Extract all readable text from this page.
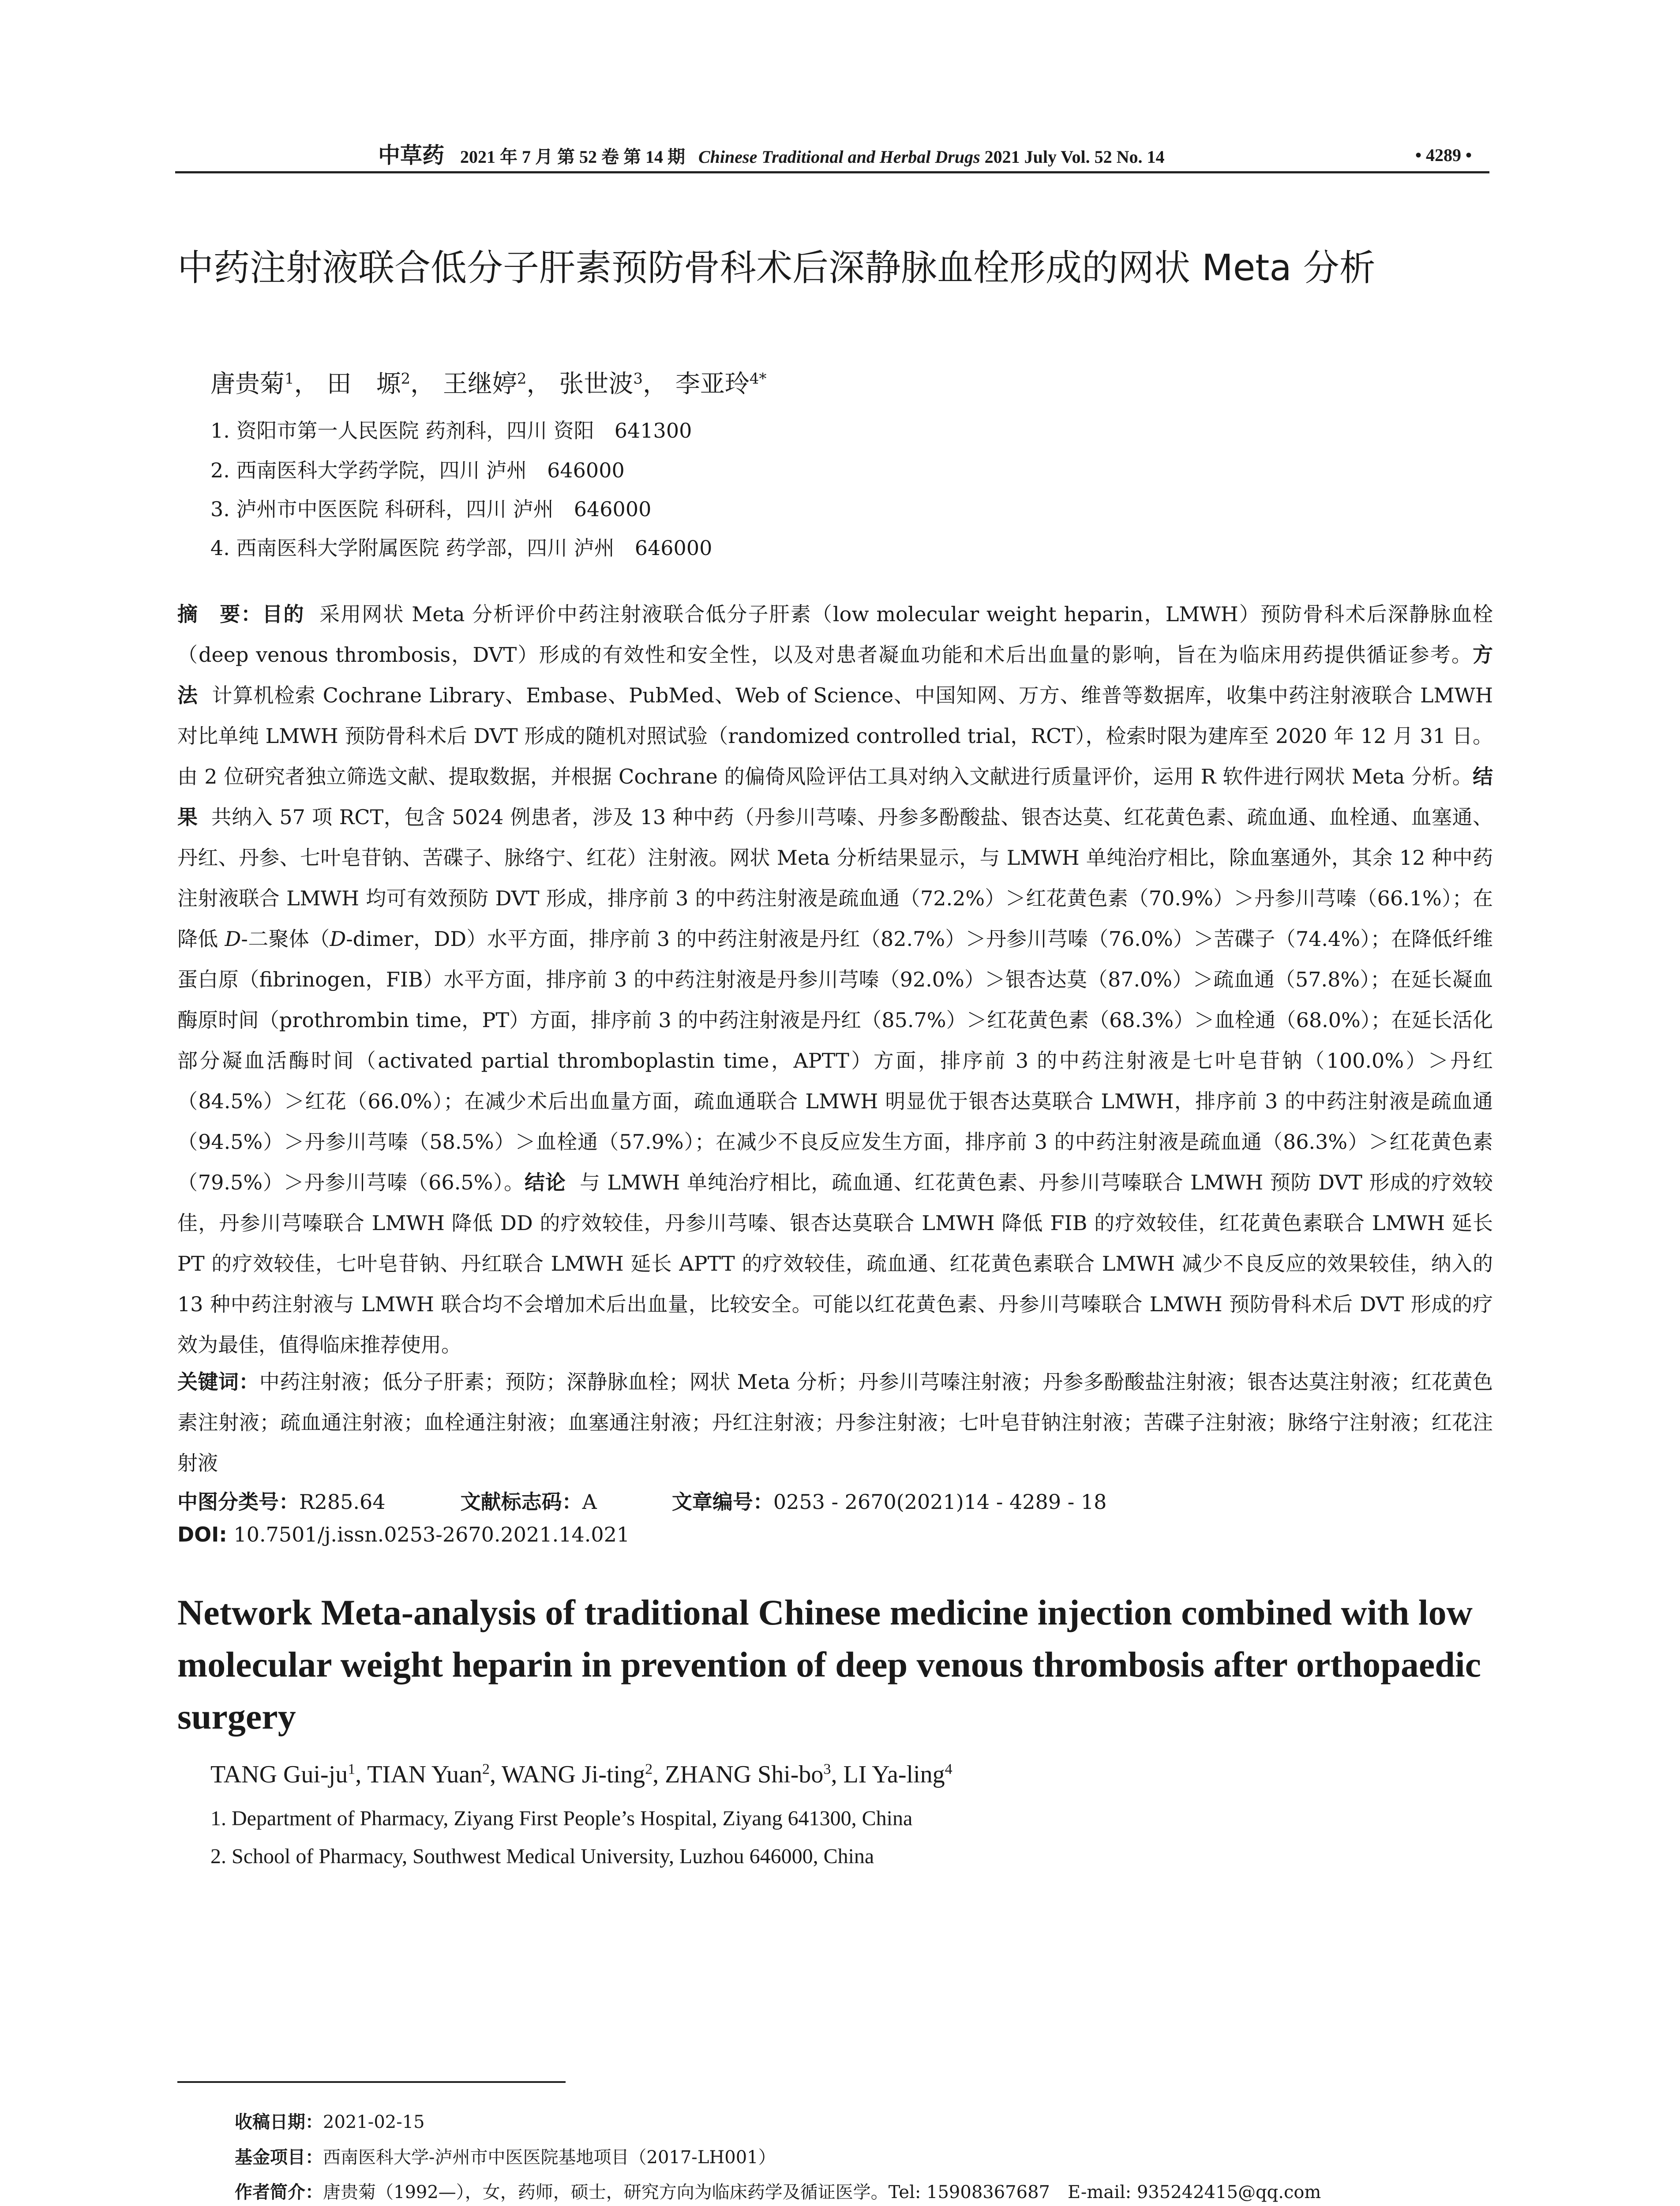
中草药 2021 年 7 月 第 52 卷 第 14 期 Chinese Traditional and Herbal Drugs 2021 July Vol. 52 No. 14	• 4289 •
中药注射液联合低分子肝素预防骨科术后深静脉血栓形成的网状 Meta 分析
唐贵菊$^1$， 田　塬$^2$， 王继婷$^2$， 张世波$^3$， 李亚玲$^{4*}$
1. 资阳市第一人民医院 药剂科，四川 资阳　641300
2. 西南医科大学药学院，四川 泸州　646000
3. 泸州市中医医院 科研科，四川 泸州　646000
4. 西南医科大学附属医院 药学部，四川 泸州　646000
摘　要：目的 采用网状 Meta 分析评价中药注射液联合低分子肝素（low molecular weight heparin，LMWH）预防骨科术后深静脉血栓（deep venous thrombosis，DVT）形成的有效性和安全性，以及对患者凝血功能和术后出血量的影响，旨在为临床用药提供循证参考。方法 计算机检索 Cochrane Library、Embase、PubMed、Web of Science、中国知网、万方、维普等数据库，收集中药注射液联合 LMWH 对比单纯 LMWH 预防骨科术后 DVT 形成的随机对照试验（randomized controlled trial，RCT），检索时限为建库至 2020 年 12 月 31 日。由 2 位研究者独立筛选文献、提取数据，并根据 Cochrane 的偏倚风险评估工具对纳入文献进行质量评价，运用 R 软件进行网状 Meta 分析。结果 共纳入 57 项 RCT，包含 5024 例患者，涉及 13 种中药（丹参川芎嗪、丹参多酚酸盐、银杏达莫、红花黄色素、疏血通、血栓通、血塞通、丹红、丹参、七叶皂苷钠、苦碟子、脉络宁、红花）注射液。网状 Meta 分析结果显示，与 LMWH 单纯治疗相比，除血塞通外，其余 12 种中药注射液联合 LMWH 均可有效预防 DVT 形成，排序前 3 的中药注射液是疏血通（72.2%）＞红花黄色素（70.9%）＞丹参川芎嗪（66.1%）；在降低 D-二聚体（D-dimer，DD）水平方面，排序前 3 的中药注射液是丹红（82.7%）＞丹参川芎嗪（76.0%）＞苦碟子（74.4%）；在降低纤维蛋白原（fibrinogen，FIB）水平方面，排序前 3 的中药注射液是丹参川芎嗪（92.0%）＞银杏达莫（87.0%）＞疏血通（57.8%）；在延长凝血酶原时间（prothrombin time，PT）方面，排序前 3 的中药注射液是丹红（85.7%）＞红花黄色素（68.3%）＞血栓通（68.0%）；在延长活化部分凝血活酶时间（activated partial thromboplastin time，APTT）方面，排序前 3 的中药注射液是七叶皂苷钠（100.0%）＞丹红（84.5%）＞红花（66.0%）；在减少术后出血量方面，疏血通联合 LMWH 明显优于银杏达莫联合 LMWH，排序前 3 的中药注射液是疏血通（94.5%）＞丹参川芎嗪（58.5%）＞血栓通（57.9%）；在减少不良反应发生方面，排序前 3 的中药注射液是疏血通（86.3%）＞红花黄色素（79.5%）＞丹参川芎嗪（66.5%）。结论 与 LMWH 单纯治疗相比，疏血通、红花黄色素、丹参川芎嗪联合 LMWH 预防 DVT 形成的疗效较佳，丹参川芎嗪联合 LMWH 降低 DD 的疗效较佳，丹参川芎嗪、银杏达莫联合 LMWH 降低 FIB 的疗效较佳，红花黄色素联合 LMWH 延长 PT 的疗效较佳，七叶皂苷钠、丹红联合 LMWH 延长 APTT 的疗效较佳，疏血通、红花黄色素联合 LMWH 减少不良反应的效果较佳，纳入的 13 种中药注射液与 LMWH 联合均不会增加术后出血量，比较安全。可能以红花黄色素、丹参川芎嗪联合 LMWH 预防骨科术后 DVT 形成的疗效为最佳，值得临床推荐使用。
关键词：中药注射液；低分子肝素；预防；深静脉血栓；网状 Meta 分析；丹参川芎嗪注射液；丹参多酚酸盐注射液；银杏达莫注射液；红花黄色素注射液；疏血通注射液；血栓通注射液；血塞通注射液；丹红注射液；丹参注射液；七叶皂苷钠注射液；苦碟子注射液；脉络宁注射液；红花注射液
中图分类号：R285.64	文献标志码：A	文章编号：0253 - 2670(2021)14 - 4289 - 18
DOI: 10.7501/j.issn.0253-2670.2021.14.021
Network Meta-analysis of traditional Chinese medicine injection combined with low molecular weight heparin in prevention of deep venous thrombosis after orthopaedic surgery
TANG Gui-$ju^1$, TIAN Yuan$^2$, WANG Ji-ting$^2$, ZHANG Shi-$bo^3$, LI Ya-ling$^4$
1. Department of Pharmacy, Ziyang First People’s Hospital, Ziyang 641300, China
2. School of Pharmacy, Southwest Medical University, Luzhou 646000, China
收稿日期：2021-02-15
基金项目：西南医科大学-泸州市中医医院基地项目（2017-LH001）
作者简介：唐贵菊（1992—），女，药师，硕士，研究方向为临床药学及循证医学。Tel: 15908367687　E-mail: 935242415@qq.com
